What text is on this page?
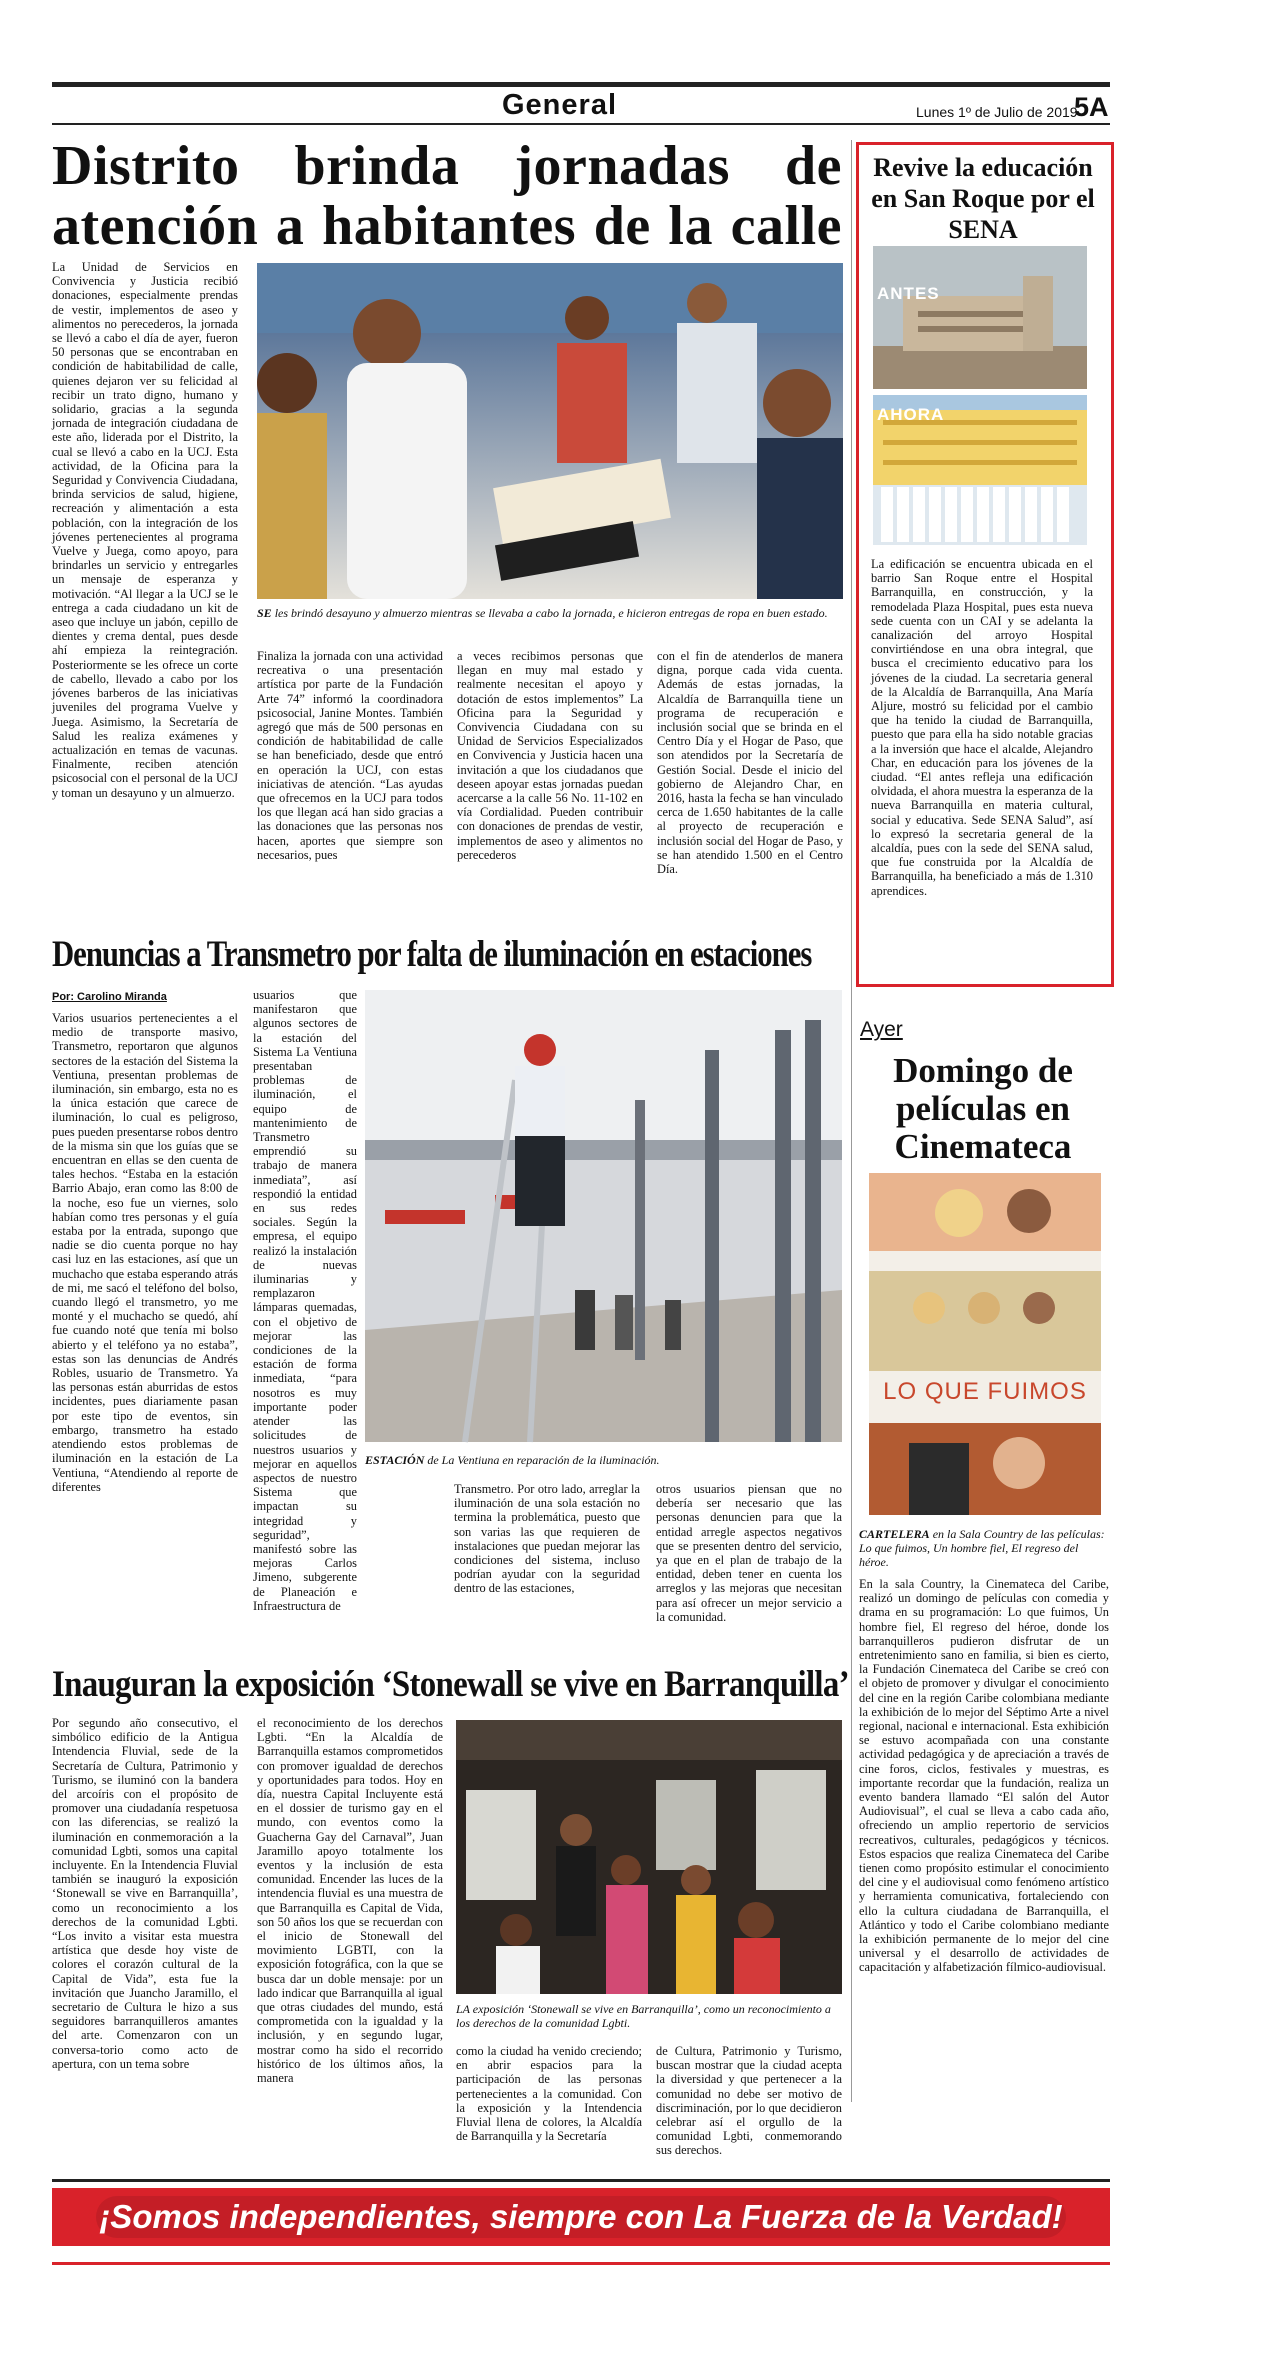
General	Lunes 1º de Julio de 2019
5A
Distrito brinda jornadas de atención a habitantes de la calle
La Unidad de Servicios en Convivencia y Justicia recibió donaciones, especialmente prendas de vestir, implementos de aseo y alimentos no perecederos, la jornada se llevó a cabo el día de ayer, fueron 50 personas que se encontraban en condición de habitabilidad de calle, quienes dejaron ver su felicidad al recibir un trato digno, humano y solidario, gracias a la segunda jornada de integración ciudadana de este año, liderada por el Distrito, la cual se llevó a cabo en la UCJ. Esta actividad, de la Oficina para la Seguridad y Convivencia Ciudadana, brinda servicios de salud, higiene, recreación y alimentación a esta población, con la integración de los jóvenes pertenecientes al programa Vuelve y Juega, como apoyo, para brindarles un servicio y entregarles un mensaje de esperanza y motivación. “Al llegar a la UCJ se le entrega a cada ciudadano un kit de aseo que incluye un jabón, cepillo de dientes y crema dental, pues desde ahí empieza la reintegración. Posteriormente se les ofrece un corte de cabello, llevado a cabo por los jóvenes barberos de las iniciativas juveniles del programa Vuelve y Juega. Asimismo, la Secretaría de Salud les realiza exámenes y actualización en temas de vacunas. Finalmente, reciben atención psicosocial con el personal de la UCJ y toman un desayuno y un almuerzo.
SE les brindó desayuno y almuerzo mientras se llevaba a cabo la jornada, e hicieron entregas de ropa en buen estado.
Finaliza la jornada con una actividad recreativa o una presentación artística por parte de la Fundación Arte 74” informó la coordinadora psicosocial, Janine Montes. También agregó que más de 500 personas en condición de habitabilidad de calle se han beneficiado, desde que entró en operación la UCJ, con estas iniciativas de atención. “Las ayudas que ofrecemos en la UCJ para todos los que llegan acá han sido gracias a las donaciones que las personas nos hacen, aportes que siempre son necesarios, pues
a veces recibimos personas que llegan en muy mal estado y realmente necesitan el apoyo y dotación de estos implementos” La Oficina para la Seguridad y Convivencia Ciudadana con su Unidad de Servicios Especializados en Convivencia y Justicia hacen una invitación a que los ciudadanos que deseen apoyar estas jornadas puedan acercarse a la calle 56 No. 11-102 en vía Cordialidad. Pueden contribuir con donaciones de prendas de vestir, implementos de aseo y alimentos no perecederos
con el fin de atenderlos de manera digna, porque cada vida cuenta. Además de estas jornadas, la Alcaldía de Barranquilla tiene un programa de recuperación e inclusión social que se brinda en el Centro Día y el Hogar de Paso, que son atendidos por la Secretaría de Gestión Social. Desde el inicio del gobierno de Alejandro Char, en 2016, hasta la fecha se han vinculado cerca de 1.650 habitantes de la calle al proyecto de recuperación e inclusión social del Hogar de Paso, y se han atendido 1.500 en el Centro Día.
Denuncias a Transmetro por falta de iluminación en estaciones
Por: Carolino Miranda
Varios usuarios pertenecientes a el medio de transporte masivo, Transmetro, reportaron que algunos sectores de la estación del Sistema la Ventiuna, presentan problemas de iluminación, sin embargo, esta no es la única estación que carece de iluminación, lo cual es peligroso, pues pueden presentarse robos dentro de la misma sin que los guías que se encuentran en ellas se den cuenta de tales hechos. “Estaba en la estación Barrio Abajo, eran como las 8:00 de la noche, eso fue un viernes, solo habían como tres personas y el guía estaba por la entrada, supongo que nadie se dio cuenta porque no hay casi luz en las estaciones, así que un muchacho que estaba esperando atrás de mi, me sacó el teléfono del bolso, cuando llegó el transmetro, yo me monté y el muchacho se quedó, ahí fue cuando noté que tenía mi bolso abierto y el teléfono ya no estaba”, estas son las denuncias de Andrés Robles, usuario de Transmetro. Ya las personas están aburridas de estos incidentes, pues diariamente pasan por este tipo de eventos, sin embargo, transmetro ha estado atendiendo estos problemas de iluminación en la estación de La Ventiuna, “Atendiendo al reporte de diferentes
usuarios que manifestaron que algunos sectores de la estación del Sistema La Ventiuna presentaban problemas de iluminación, el equipo de mantenimiento de Transmetro emprendió su trabajo de manera inmediata”, así respondió la entidad en sus redes sociales. Según la empresa, el equipo realizó la instalación de nuevas iluminarias y remplazaron lámparas quemadas, con el objetivo de mejorar las condiciones de la estación de forma inmediata, “para nosotros es muy importante poder atender las solicitudes de nuestros usuarios y mejorar en aquellos aspectos de nuestro Sistema que impactan su integridad y seguridad”, manifestó sobre las mejoras Carlos Jimeno, subgerente de Planeación e Infraestructura de
ESTACIÓN de La Ventiuna en reparación de la iluminación.
Transmetro. Por otro lado, arreglar la iluminación de una sola estación no termina la problemática, puesto que son varias las que requieren de instalaciones que puedan mejorar las condiciones del sistema, incluso podrían ayudar con la seguridad dentro de las estaciones,
otros usuarios piensan que no debería ser necesario que las personas denuncien para que la entidad arregle aspectos negativos que se presenten dentro del servicio, ya que en el plan de trabajo de la entidad, deben tener en cuenta los arreglos y las mejoras que necesitan para así ofrecer un mejor servicio a la comunidad.
Inauguran la exposición ‘Stonewall se vive en Barranquilla’
Por segundo año consecutivo, el simbólico edificio de la Antigua Intendencia Fluvial, sede de la Secretaría de Cultura, Patrimonio y Turismo, se iluminó con la bandera del arcoíris con el propósito de promover una ciudadanía respetuosa con las diferencias, se realizó la iluminación en conmemoración a la comunidad Lgbti, somos una capital incluyente. En la Intendencia Fluvial también se inauguró la exposición ‘Stonewall se vive en Barranquilla’, como un reconocimiento a los derechos de la comunidad Lgbti. “Los invito a visitar esta muestra artística que desde hoy viste de colores el corazón cultural de la Capital de Vida”, esta fue la invitación que Juancho Jaramillo, el secretario de Cultura le hizo a sus seguidores barranquilleros amantes del arte. Comenzaron con un conversa-torio como acto de apertura, con un tema sobre
el reconocimiento de los derechos Lgbti. “En la Alcaldía de Barranquilla estamos comprometidos con promover igualdad de derechos y oportunidades para todos. Hoy en día, nuestra Capital Incluyente está en el dossier de turismo gay en el mundo, con eventos como la Guacherna Gay del Carnaval”, Juan Jaramillo apoyo totalmente los eventos y la inclusión de esta comunidad. Encender las luces de la intendencia fluvial es una muestra de que Barranquilla es Capital de Vida, son 50 años los que se recuerdan con el inicio de Stonewall del movimiento LGBTI, con la exposición fotográfica, con la que se busca dar un doble mensaje: por un lado indicar que Barranquilla al igual que otras ciudades del mundo, está comprometida con la igualdad y la inclusión, y en segundo lugar, mostrar como ha sido el recorrido histórico de los últimos años, la manera
LA exposición ‘Stonewall se vive en Barranquilla’, como un reconocimiento a los derechos de la comunidad Lgbti.
como la ciudad ha venido creciendo; en abrir espacios para la participación de las personas pertenecientes a la comunidad. Con la exposición y la Intendencia Fluvial llena de colores, la Alcaldía de Barranquilla y la Secretaría
de Cultura, Patrimonio y Turismo, buscan mostrar que la ciudad acepta la diversidad y que pertenecer a la comunidad no debe ser motivo de discriminación, por lo que decidieron celebrar así el orgullo de la comunidad Lgbti, conmemorando sus derechos.
Revive la educación en San Roque por el SENA
ANTES
AHORA
La edificación se encuentra ubicada en el barrio San Roque entre el Hospital Barranquilla, en construcción, y la remodelada Plaza Hospital, pues esta nueva sede cuenta con un CAI y se adelanta la canalización del arroyo Hospital convirtiéndose en una obra integral, que busca el crecimiento educativo para los jóvenes de la ciudad. La secretaria general de la Alcaldía de Barranquilla, Ana María Aljure, mostró su felicidad por el cambio que ha tenido la ciudad de Barranquilla, puesto que para ella ha sido notable gracias a la inversión que hace el alcalde, Alejandro Char, en educación para los jóvenes de la ciudad. “El antes refleja una edificación olvidada, el ahora muestra la esperanza de la nueva Barranquilla en materia cultural, social y educativa. Sede SENA Salud”, así lo expresó la secretaria general de la alcaldía, pues con la sede del SENA salud, que fue construida por la Alcaldía de Barranquilla, ha beneficiado a más de 1.310 aprendices.
Ayer
Domingo de películas en Cinemateca
LO QUE FUIMOS
CARTELERA en la Sala Country de las películas: Lo que fuimos, Un hombre fiel, El regreso del héroe.
En la sala Country, la Cinemateca del Caribe, realizó un domingo de películas con comedia y drama en su programación: Lo que fuimos, Un hombre fiel, El regreso del héroe, donde los barranquilleros pudieron disfrutar de un entretenimiento sano en familia, si bien es cierto, la Fundación Cinemateca del Caribe se creó con el objeto de promover y divulgar el conocimiento del cine en la región Caribe colombiana mediante la exhibición de lo mejor del Séptimo Arte a nivel regional, nacional e internacional. Esta exhibición se estuvo acompañada con una constante actividad pedagógica y de apreciación a través de cine foros, ciclos, festivales y muestras, es importante recordar que la fundación, realiza un evento bandera llamado “El salón del Autor Audiovisual”, el cual se lleva a cabo cada año, ofreciendo un amplio repertorio de servicios recreativos, culturales, pedagógicos y técnicos. Estos espacios que realiza Cinemateca del Caribe tienen como propósito estimular el conocimiento del cine y el audiovisual como fenómeno artístico y herramienta comunicativa, fortaleciendo con ello la cultura ciudadana de Barranquilla, el Atlántico y todo el Caribe colombiano mediante la exhibición permanente de lo mejor del cine universal y el desarrollo de actividades de capacitación y alfabetización fílmico-audiovisual.
¡Somos independientes, siempre con La Fuerza de la Verdad!
